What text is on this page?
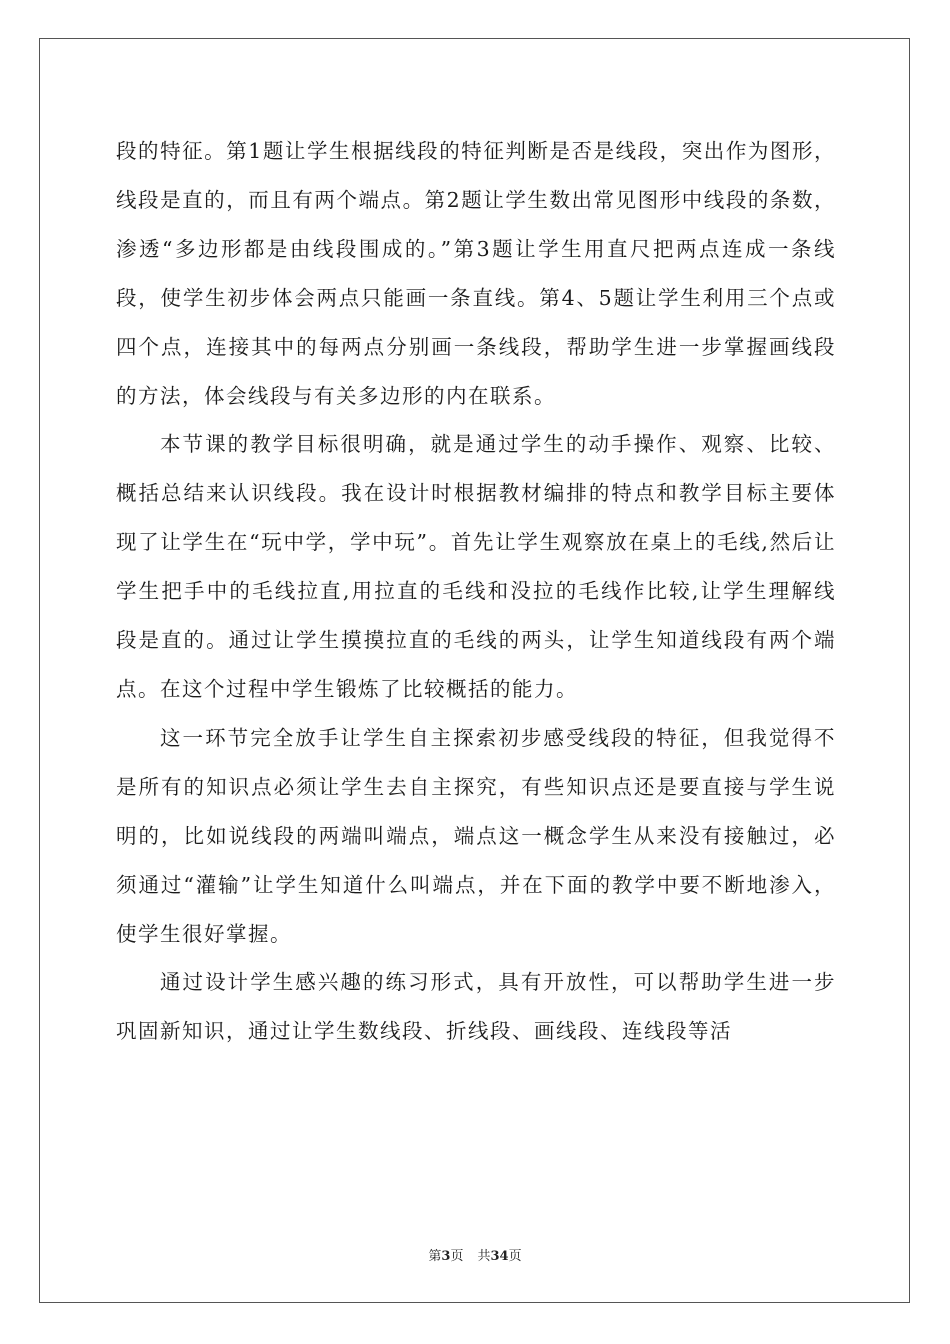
段的特征。第1题让学生根据线段的特征判断是否是线段，突出作为图形，线段是直的，而且有两个端点。第2题让学生数出常见图形中线段的条数，渗透“多边形都是由线段围成的。”第3题让学生用直尺把两点连成一条线段，使学生初步体会两点只能画一条直线。第4、5题让学生利用三个点或四个点，连接其中的每两点分别画一条线段，帮助学生进一步掌握画线段的方法，体会线段与有关多边形的内在联系。

本节课的教学目标很明确，就是通过学生的动手操作、观察、比较、概括总结来认识线段。我在设计时根据教材编排的特点和教学目标主要体现了让学生在“玩中学，学中玩”。首先让学生观察放在桌上的毛线,然后让学生把手中的毛线拉直,用拉直的毛线和没拉的毛线作比较,让学生理解线段是直的。通过让学生摸摸拉直的毛线的两头，让学生知道线段有两个端点。在这个过程中学生锻炼了比较概括的能力。

这一环节完全放手让学生自主探索初步感受线段的特征，但我觉得不是所有的知识点必须让学生去自主探究，有些知识点还是要直接与学生说明的，比如说线段的两端叫端点，端点这一概念学生从来没有接触过，必须通过“灌输”让学生知道什么叫端点，并在下面的教学中要不断地渗入，使学生很好掌握。

通过设计学生感兴趣的练习形式，具有开放性，可以帮助学生进一步巩固新知识，通过让学生数线段、折线段、画线段、连线段等活

第3页 共34页
